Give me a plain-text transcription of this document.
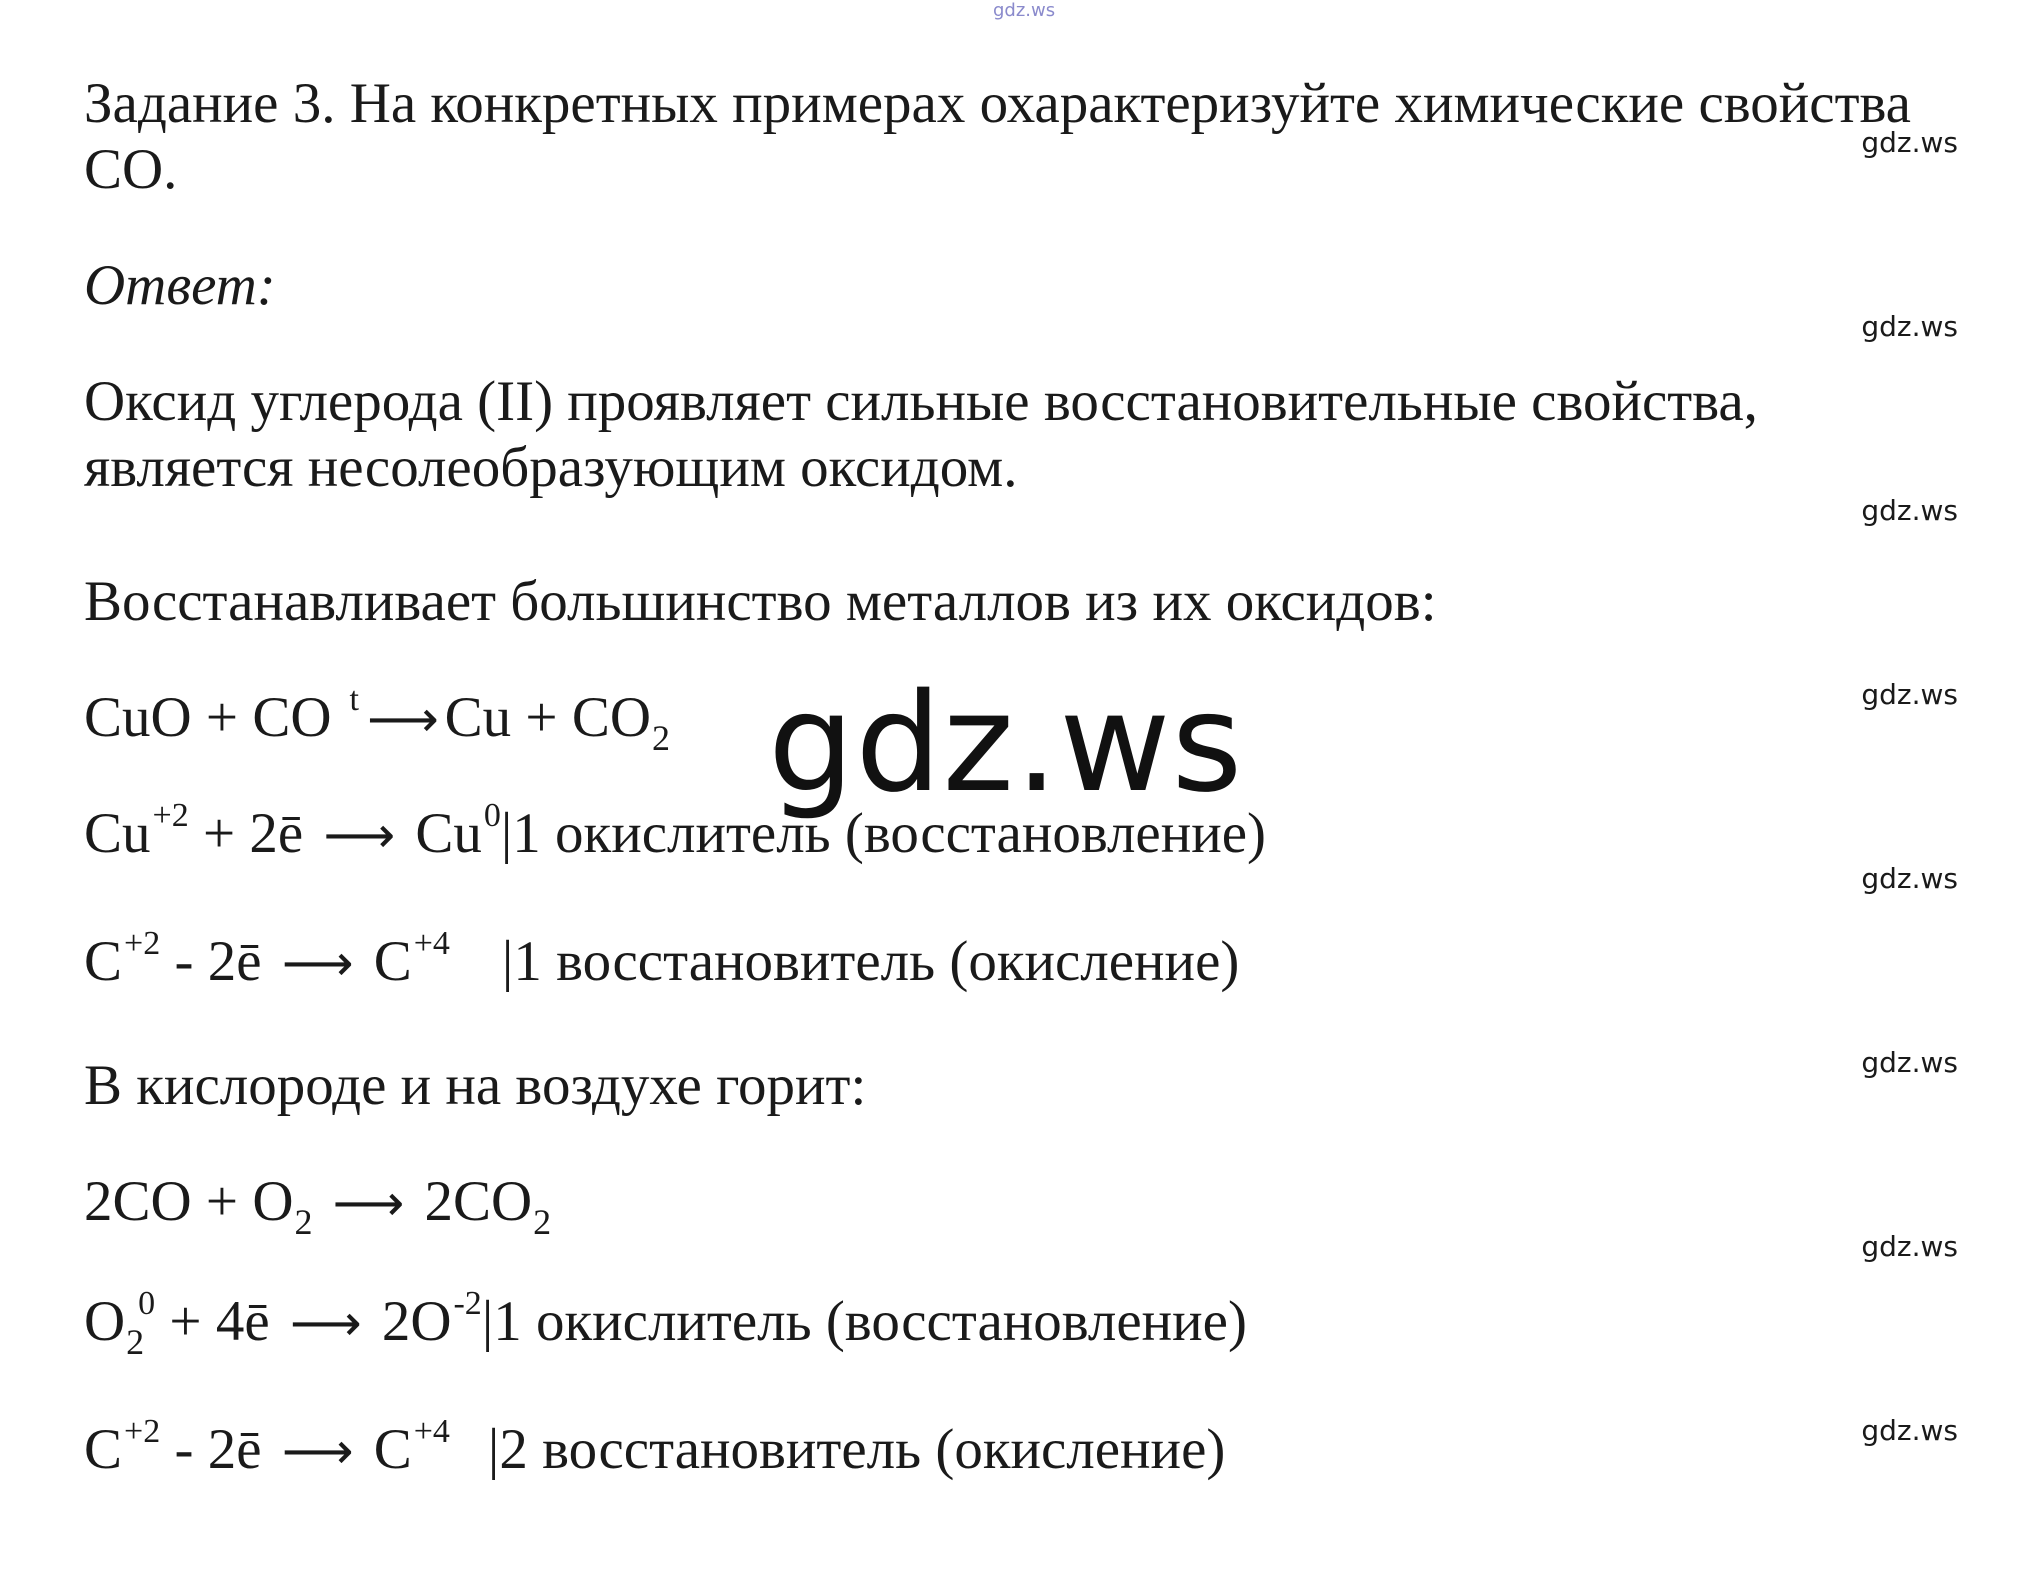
gdz.ws
Задание 3. На конкретных примерах охарактеризуйте химические свойства
CO.
Ответ:
Оксид углерода (II) проявляет сильные восстановительные свойства,
является несолеобразующим оксидом.
Восстанавливает большинство металлов из их оксидов:
CuO + CO $^t$ ⟶ $Cu + CO_2$ gdz.ws
$Cu^{+2}$ + 2ē ⟶ Cu$^0$|1 окислитель (восстановление)
$C^{+2}$ - 2ē ⟶ $C^{+4}$ |1 восстановитель (окисление)
В кислороде и на воздухе горит:
$2CO + O_2$ ⟶ $2CO_2$
$O_2^0$ + 4ē ⟶ $2O^{-2}|1$ окислитель (восстановление)
$C^{+2}$ - 2ē ⟶ $C^{+4}$ |2 восстановитель (окисление)
gdz.ws
gdz.ws
gdz.ws
gdz.ws
gdz.ws
gdz.ws
gdz.ws
gdz.ws
